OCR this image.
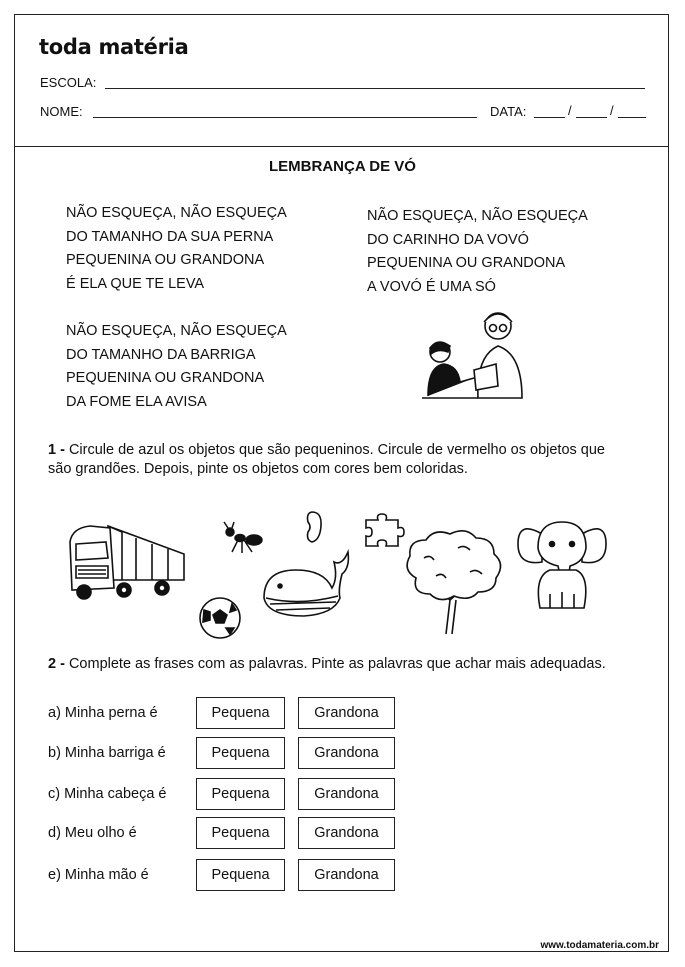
toda matéria
ESCOLA:
NOME:	DATA:	/	/
LEMBRANÇA DE VÓ
NÃO ESQUEÇA, NÃO ESQUEÇA
DO TAMANHO DA SUA PERNA
PEQUENINA OU GRANDONA
É ELA QUE TE LEVA
NÃO ESQUEÇA, NÃO ESQUEÇA
DO CARINHO DA VOVÓ
PEQUENINA OU GRANDONA
A VOVÓ É UMA SÓ
NÃO ESQUEÇA, NÃO ESQUEÇA
DO TAMANHO DA BARRIGA
PEQUENINA OU GRANDONA
DA FOME ELA AVISA
1 - Circule de azul os objetos que são pequeninos. Circule de vermelho os objetos que são grandões. Depois, pinte os objetos com cores bem coloridas.
2 - Complete as frases com as palavras. Pinte as palavras que achar mais adequadas.
a) Minha perna é	Pequena	Grandona
b) Minha barriga é	Pequena	Grandona
c) Minha cabeça é	Pequena	Grandona
d) Meu olho é	Pequena	Grandona
e) Minha mão é	Pequena	Grandona
www.todamateria.com.br
